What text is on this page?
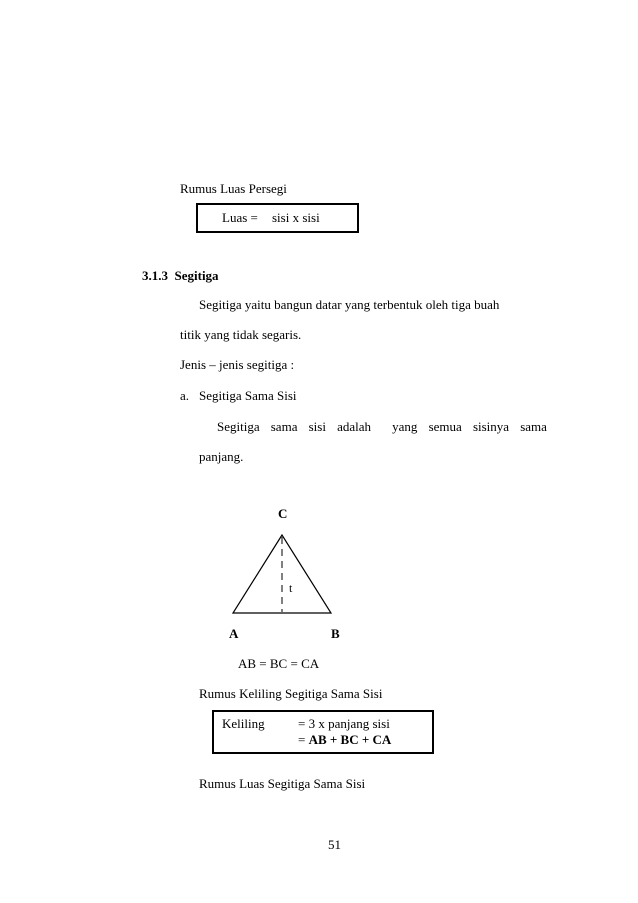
Rumus Luas Persegi
Luas = sisi x sisi
3.1.3 Segitiga
Segitiga yaitu bangun datar yang terbentuk oleh tiga buah
titik yang tidak segaris.
Jenis – jenis segitiga :
a. Segitiga Sama Sisi
Segitiga sama sisi adalah yang semua sisinya sama
panjang.
C
t
A	B
AB = BC = CA
Rumus Keliling Segitiga Sama Sisi
Keliling	= 3 x panjang sisi
= AB + BC + CA
Rumus Luas Segitiga Sama Sisi
51
